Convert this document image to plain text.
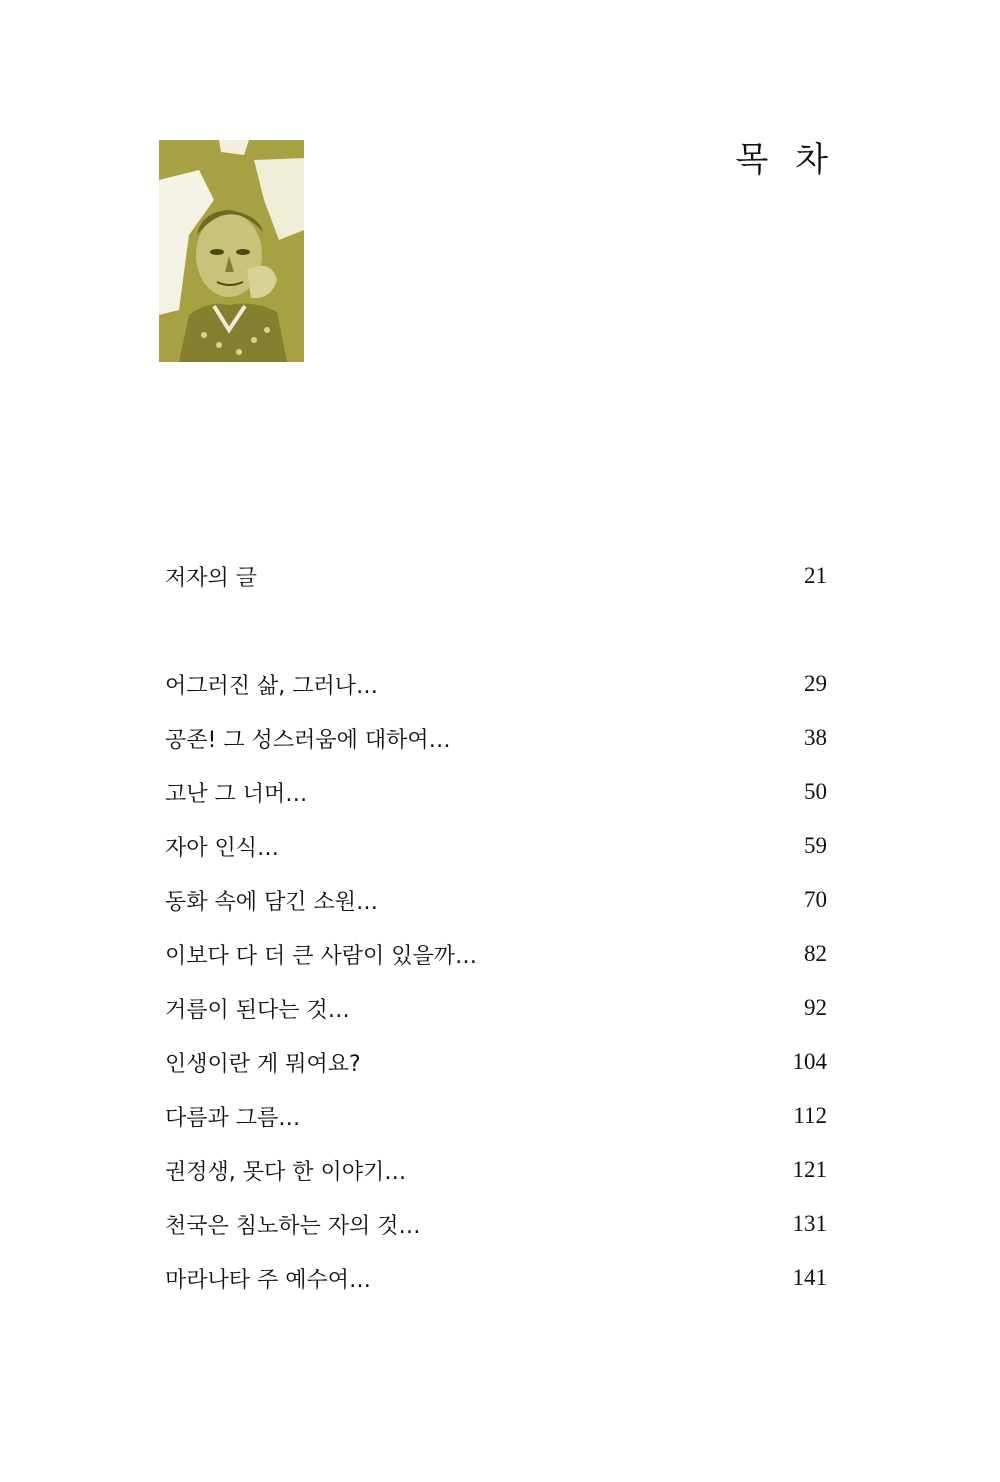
목 차
저자의 글	21
어그러진 삶, 그러나…	29
공존! 그 성스러움에 대하여…	38
고난 그 너머…	50
자아 인식…	59
동화 속에 담긴 소원…	70
이보다 다 더 큰 사람이 있을까…	82
거름이 된다는 것…	92
인생이란 게 뭐여요?	104
다름과 그름…	112
권정생, 못다 한 이야기…	121
천국은 침노하는 자의 것…	131
마라나타 주 예수여…	141
